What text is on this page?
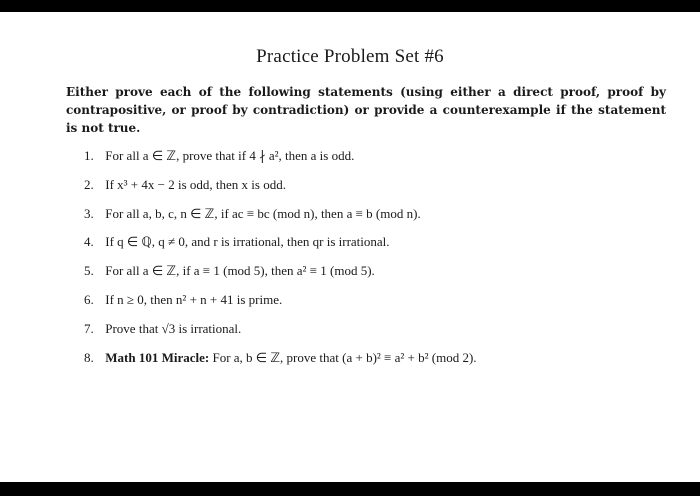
Practice Problem Set #6
Either prove each of the following statements (using either a direct proof, proof by contrapositive, or proof by contradiction) or provide a counterexample if the statement is not true.
1. For all a ∈ ℤ, prove that if 4 ∤ a², then a is odd.
2. If x³ + 4x − 2 is odd, then x is odd.
3. For all a, b, c, n ∈ ℤ, if ac ≡ bc (mod n), then a ≡ b (mod n).
4. If q ∈ ℚ, q ≠ 0, and r is irrational, then qr is irrational.
5. For all a ∈ ℤ, if a ≡ 1 (mod 5), then a² ≡ 1 (mod 5).
6. If n ≥ 0, then n² + n + 41 is prime.
7. Prove that √3 is irrational.
8. Math 101 Miracle: For a, b ∈ ℤ, prove that (a + b)² ≡ a² + b² (mod 2).
